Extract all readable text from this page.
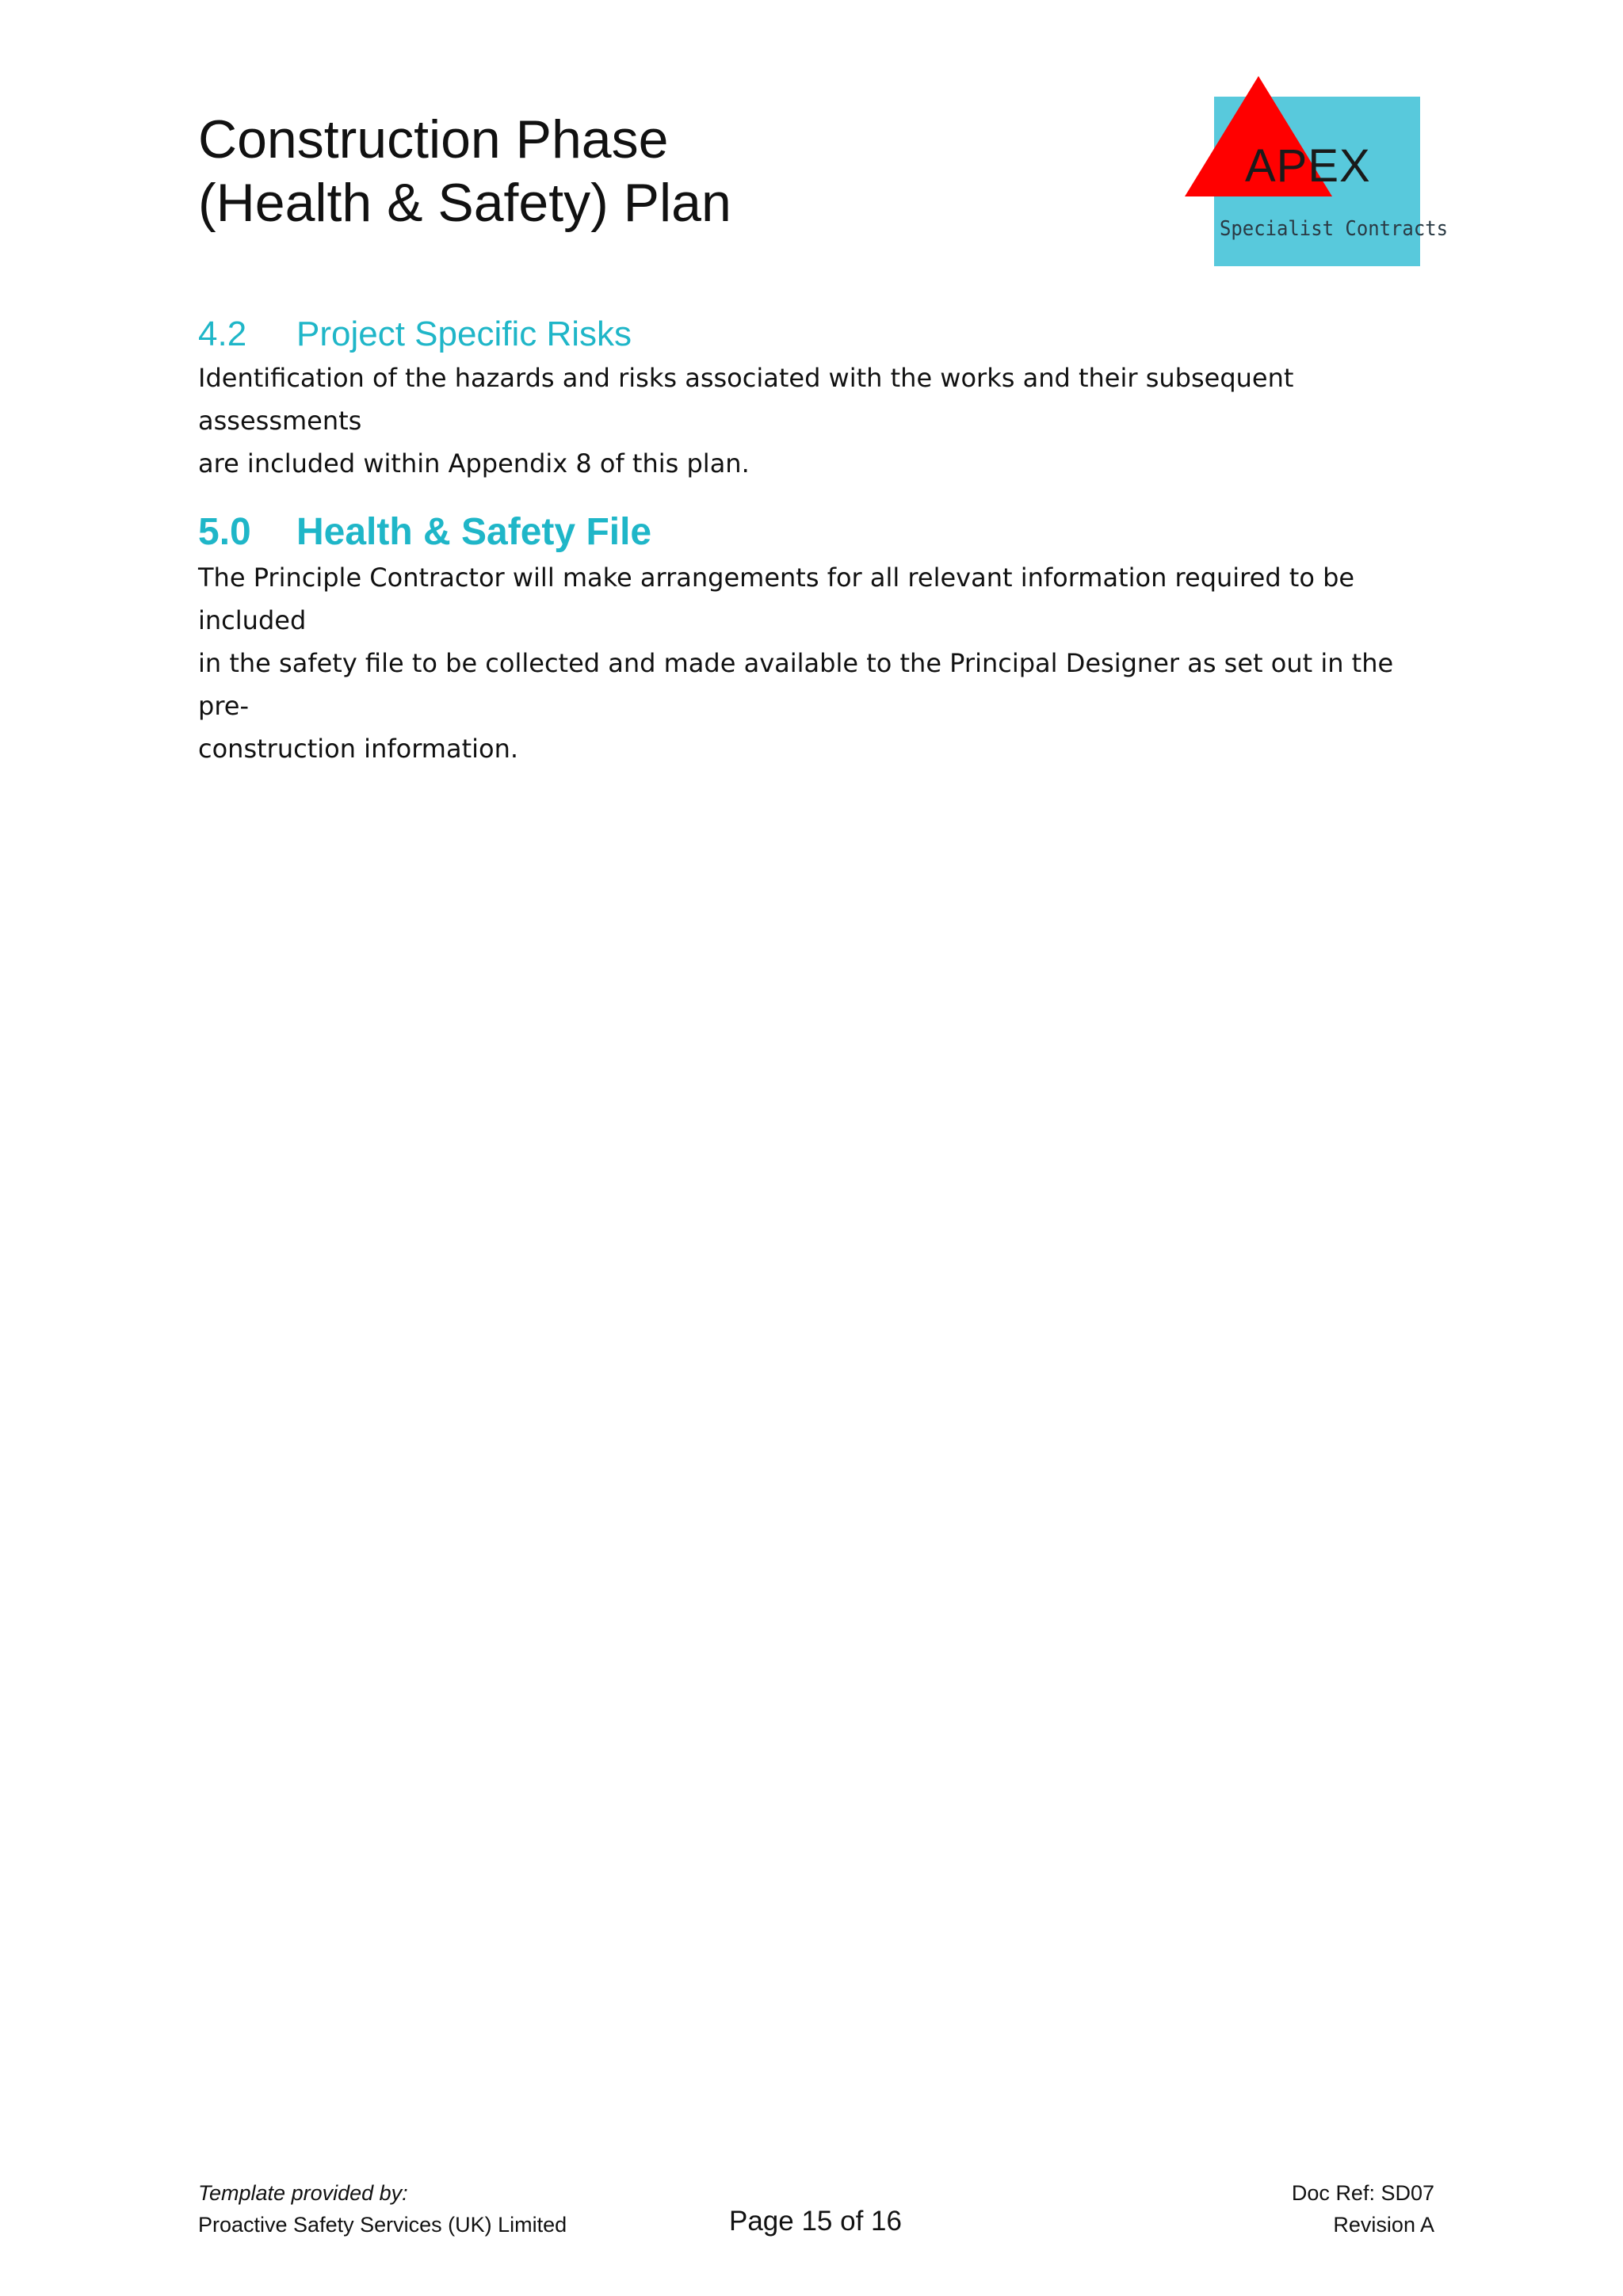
Construction Phase
(Health & Safety) Plan
APEX
Specialist Contracts
4.2	Project Specific Risks

Identification of the hazards and risks associated with the works and their subsequent assessments
are included within Appendix 8 of this plan.

5.0	Health & Safety File

The Principle Contractor will make arrangements for all relevant information required to be included
in the safety file to be collected and made available to the Principal Designer as set out in the pre-
construction information.

Template provided by:
Proactive Safety Services (UK) Limited	Page 15 of 16
Doc Ref: SD07
Revision A
